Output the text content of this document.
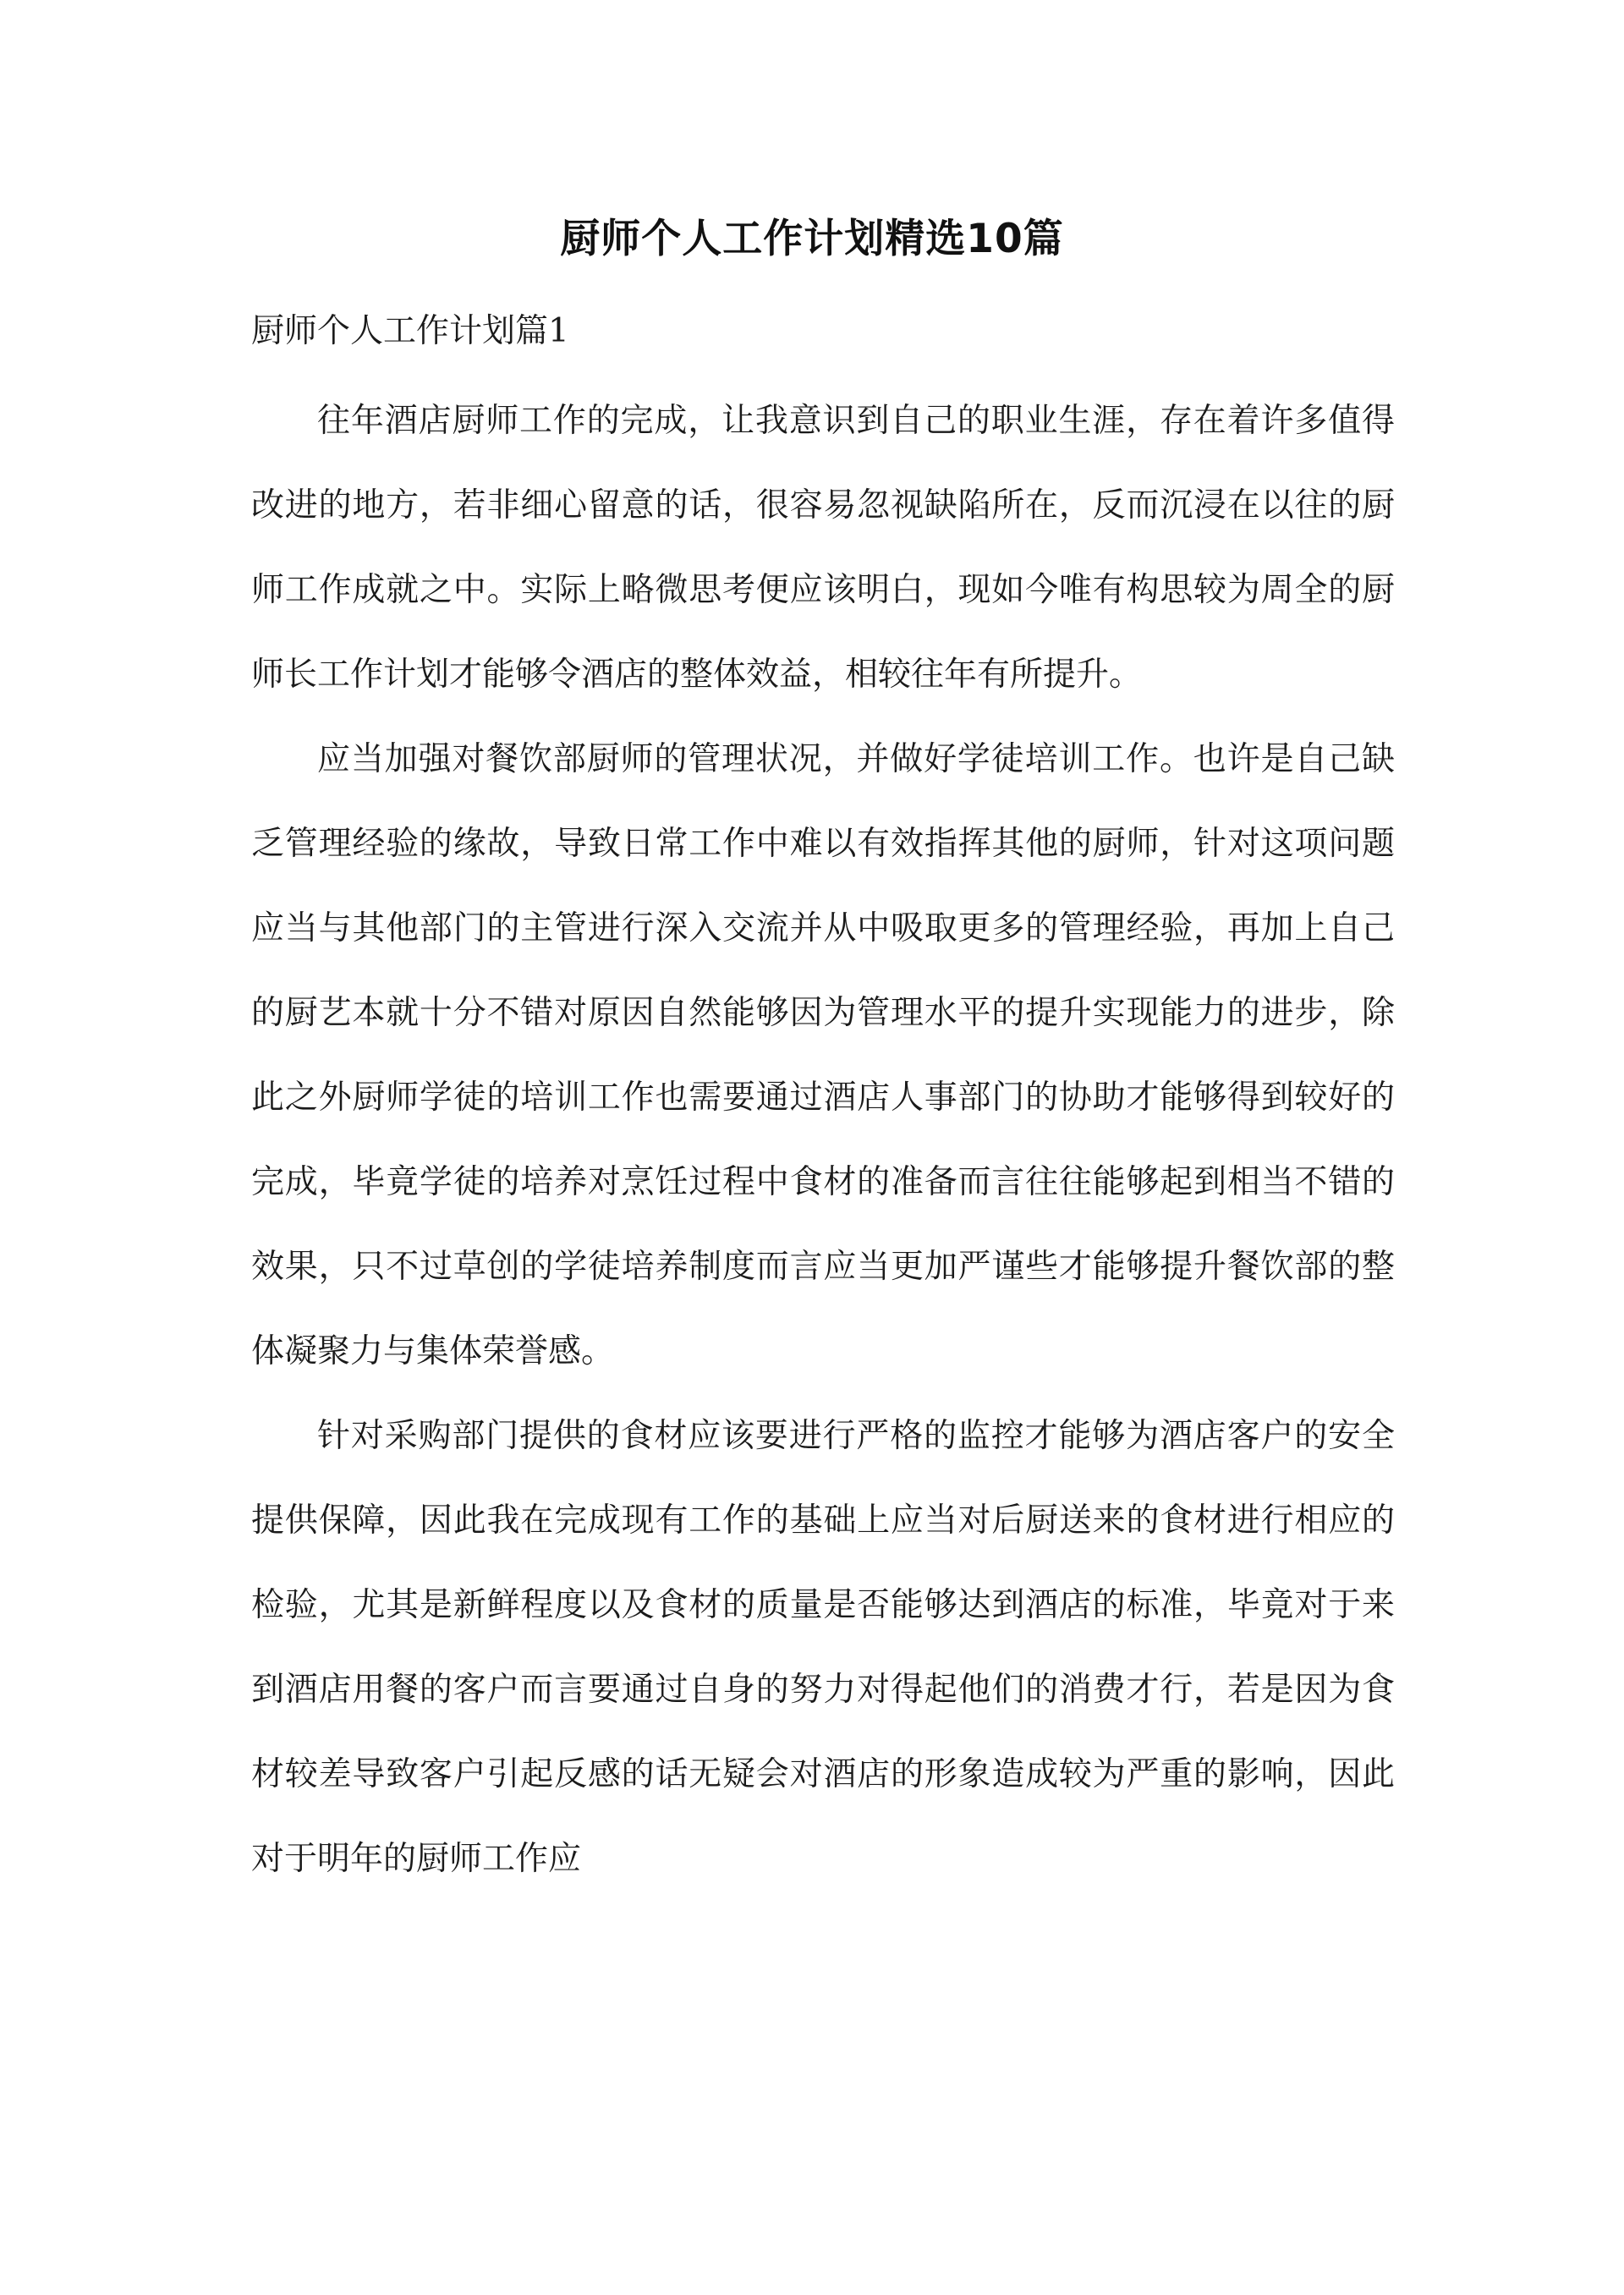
厨师个人工作计划精选10篇
厨师个人工作计划篇1

往年酒店厨师工作的完成，让我意识到自己的职业生涯，存在着许多值得改进的地方，若非细心留意的话，很容易忽视缺陷所在，反而沉浸在以往的厨师工作成就之中。实际上略微思考便应该明白，现如今唯有构思较为周全的厨师长工作计划才能够令酒店的整体效益，相较往年有所提升。

应当加强对餐饮部厨师的管理状况，并做好学徒培训工作。也许是自己缺乏管理经验的缘故，导致日常工作中难以有效指挥其他的厨师，针对这项问题应当与其他部门的主管进行深入交流并从中吸取更多的管理经验，再加上自己的厨艺本就十分不错对原因自然能够因为管理水平的提升实现能力的进步，除此之外厨师学徒的培训工作也需要通过酒店人事部门的协助才能够得到较好的完成，毕竟学徒的培养对烹饪过程中食材的准备而言往往能够起到相当不错的效果，只不过草创的学徒培养制度而言应当更加严谨些才能够提升餐饮部的整体凝聚力与集体荣誉感。

针对采购部门提供的食材应该要进行严格的监控才能够为酒店客户的安全提供保障，因此我在完成现有工作的基础上应当对后厨送来的食材进行相应的检验，尤其是新鲜程度以及食材的质量是否能够达到酒店的标准，毕竟对于来到酒店用餐的客户而言要通过自身的努力对得起他们的消费才行，若是因为食材较差导致客户引起反感的话无疑会对酒店的形象造成较为严重的影响，因此对于明年的厨师工作应
